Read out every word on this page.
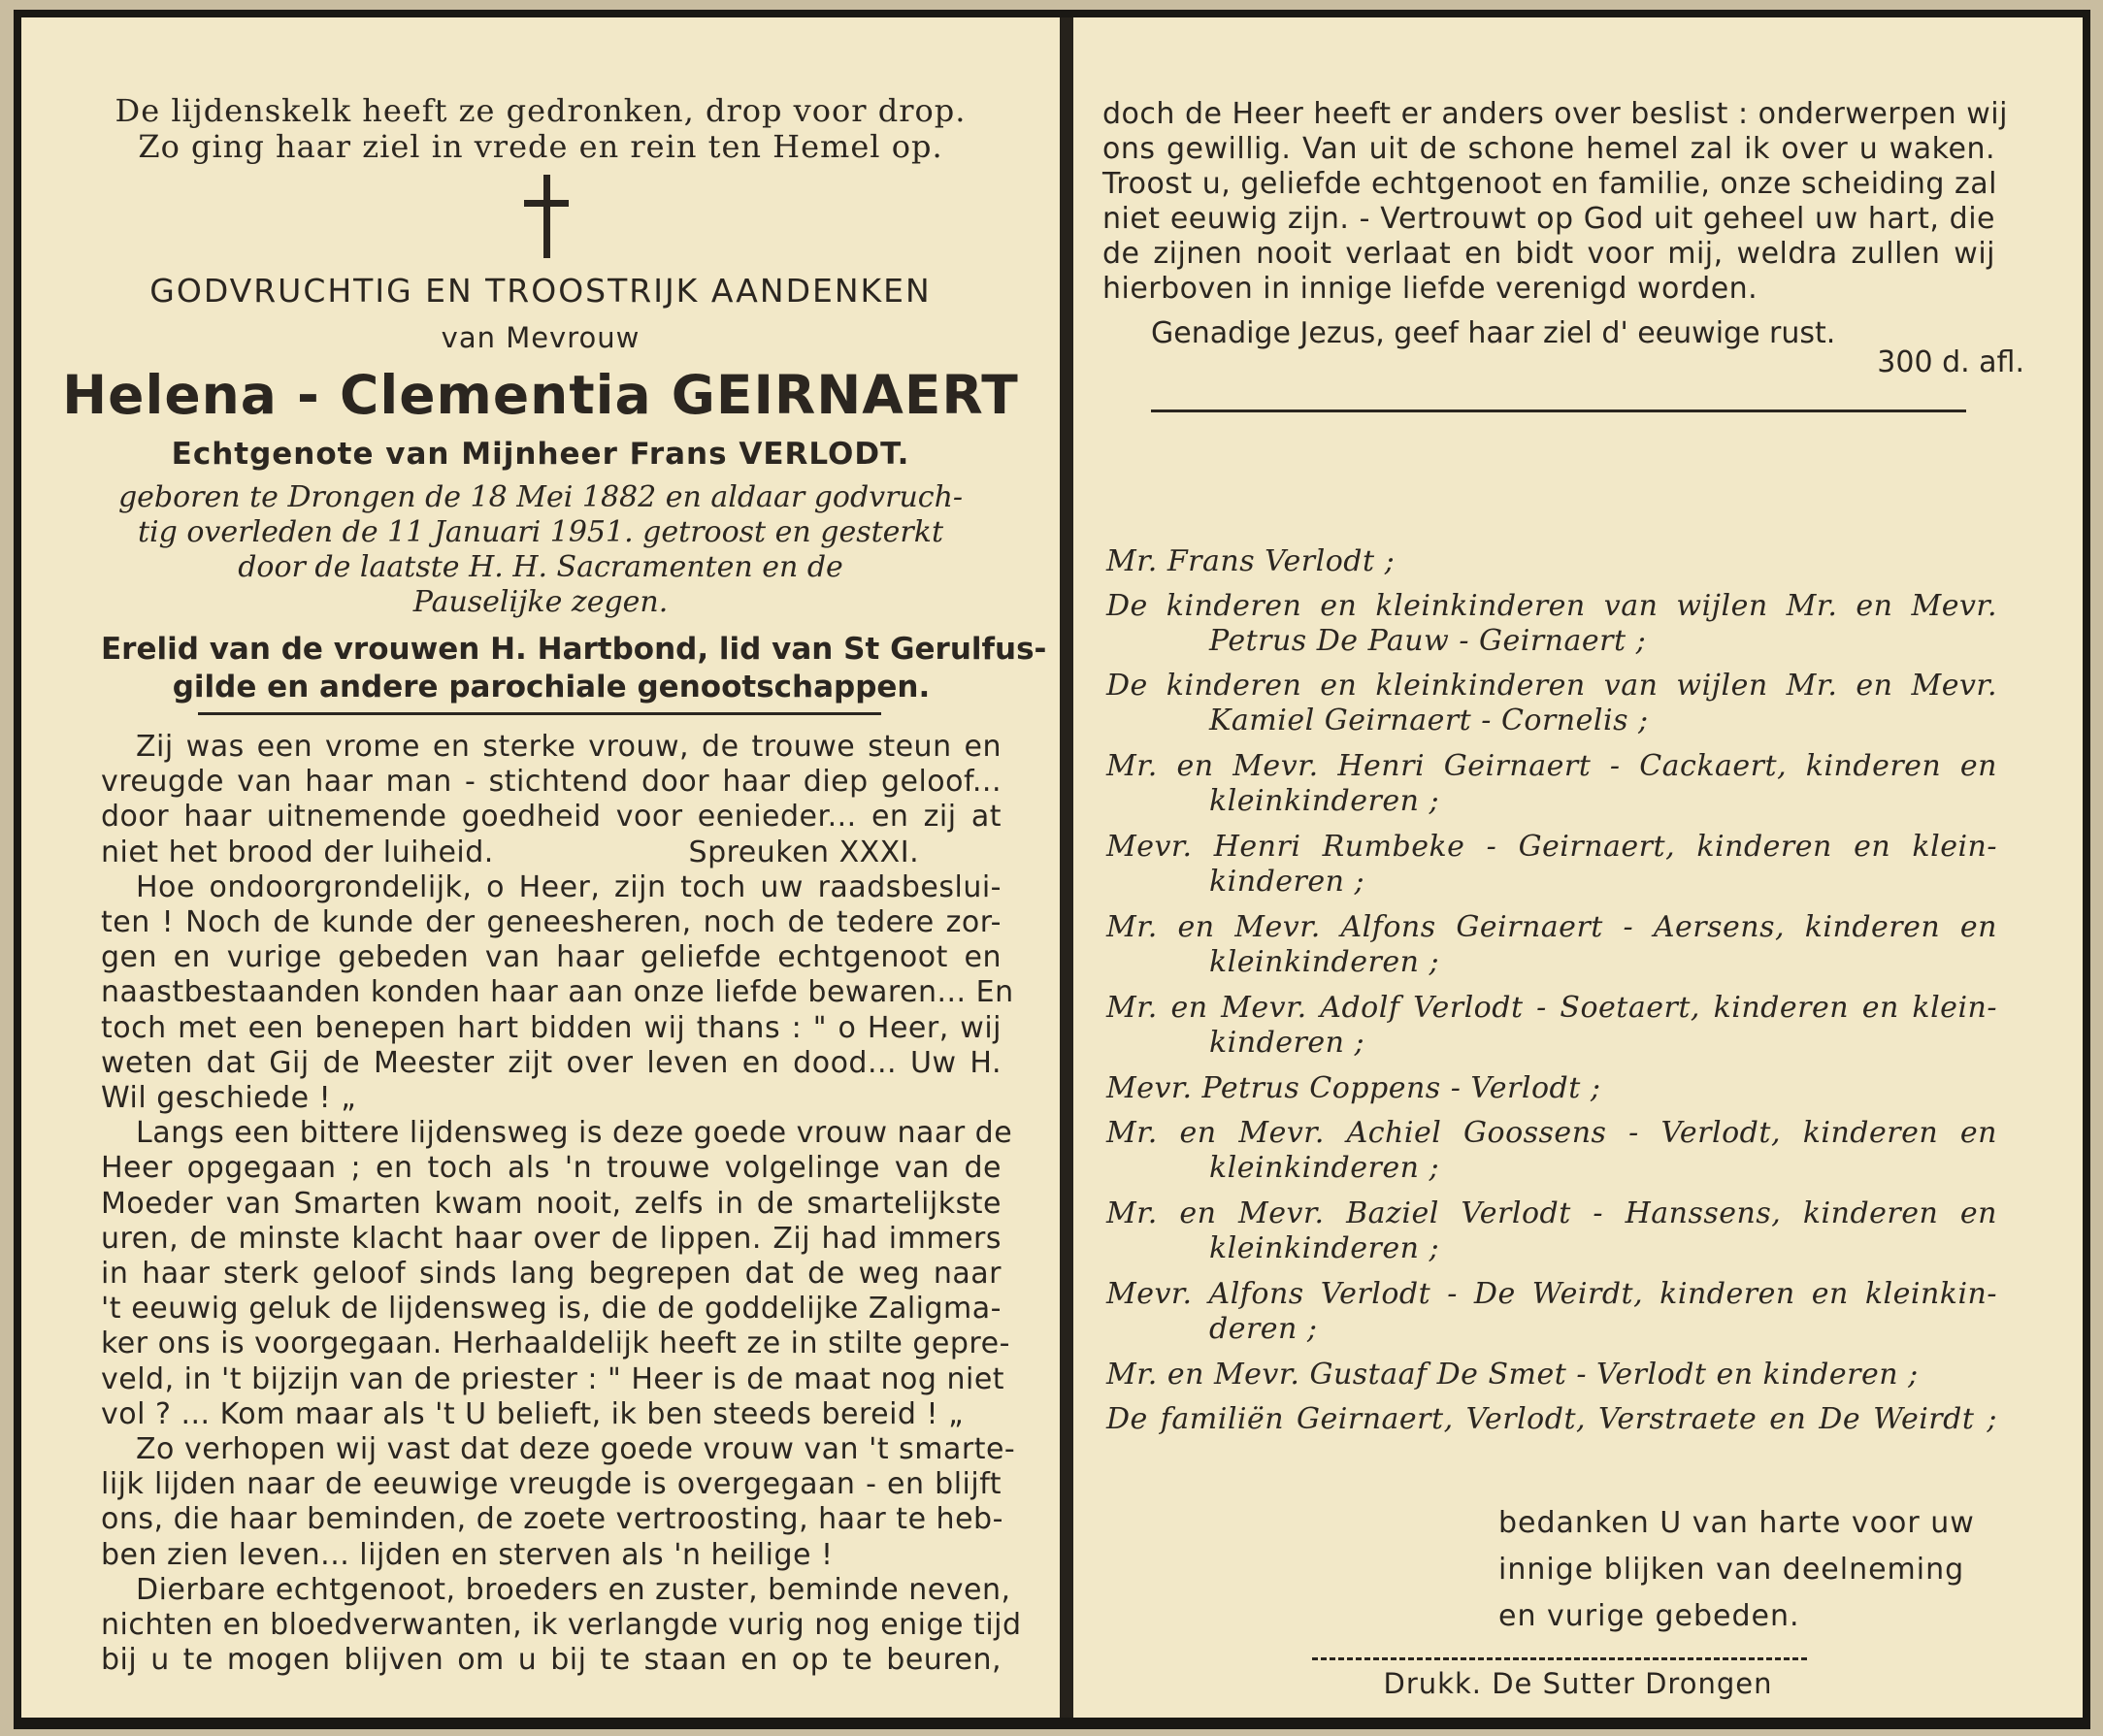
De lijdenskelk heeft ze gedronken, drop voor drop.
Zo ging haar ziel in vrede en rein ten Hemel op.
GODVRUCHTIG EN TROOSTRIJK AANDENKEN
van Mevrouw
Helena - Clementia GEIRNAERT
Echtgenote van Mijnheer Frans VERLODT.
geboren te Drongen de 18 Mei 1882 en aldaar godvruch-
tig overleden de 11 Januari 1951. getroost en gesterkt
door de laatste H. H. Sacramenten en de
Pauselijke zegen.
Erelid van de vrouwen H. Hartbond, lid van St Gerulfus-
gilde en andere parochiale genootschappen.
Zij was een vrome en sterke vrouw, de trouwe steun en
vreugde van haar man - stichtend door haar diep geloof...
door haar uitnemende goedheid voor eenieder... en zij at
niet het brood der luiheid.                    Spreuken XXXI.
Hoe ondoorgrondelijk, o Heer, zijn toch uw raadsbeslui-
ten ! Noch de kunde der geneesheren, noch de tedere zor-
gen en vurige gebeden van haar geliefde echtgenoot en
naastbestaanden konden haar aan onze liefde bewaren... En
toch met een benepen hart bidden wij thans : " o Heer, wij
weten dat Gij de Meester zijt over leven en dood... Uw H.
Wil geschiede ! „
Langs een bittere lijdensweg is deze goede vrouw naar de
Heer opgegaan ; en toch als 'n trouwe volgelinge van de
Moeder van Smarten kwam nooit, zelfs in de smartelijkste
uren, de minste klacht haar over de lippen. Zij had immers
in haar sterk geloof sinds lang begrepen dat de weg naar
't eeuwig geluk de lijdensweg is, die de goddelijke Zaligma-
ker ons is voorgegaan. Herhaaldelijk heeft ze in stilte gepre-
veld, in 't bijzijn van de priester : " Heer is de maat nog niet
vol ? ... Kom maar als 't U belieft, ik ben steeds bereid ! „
Zo verhopen wij vast dat deze goede vrouw van 't smarte-
lijk lijden naar de eeuwige vreugde is overgegaan - en blijft
ons, die haar beminden, de zoete vertroosting, haar te heb-
ben zien leven... lijden en sterven als 'n heilige !
Dierbare echtgenoot, broeders en zuster, beminde neven,
nichten en bloedverwanten, ik verlangde vurig nog enige tijd
bij u te mogen blijven om u bij te staan en op te beuren,
doch de Heer heeft er anders over beslist : onderwerpen wij
ons gewillig. Van uit de schone hemel zal ik over u waken.
Troost u, geliefde echtgenoot en familie, onze scheiding zal
niet eeuwig zijn. - Vertrouwt op God uit geheel uw hart, die
de zijnen nooit verlaat en bidt voor mij, weldra zullen wij
hierboven in innige liefde verenigd worden.
Genadige Jezus, geef haar ziel d' eeuwige rust.
300 d. afl.
Mr. Frans Verlodt ;
De kinderen en kleinkinderen van wijlen Mr. en Mevr.
Petrus De Pauw - Geirnaert ;
De kinderen en kleinkinderen van wijlen Mr. en Mevr.
Kamiel Geirnaert - Cornelis ;
Mr. en Mevr. Henri Geirnaert - Cackaert, kinderen en
kleinkinderen ;
Mevr. Henri Rumbeke - Geirnaert, kinderen en klein-
kinderen ;
Mr. en Mevr. Alfons Geirnaert - Aersens, kinderen en
kleinkinderen ;
Mr. en Mevr. Adolf Verlodt - Soetaert, kinderen en klein-
kinderen ;
Mevr. Petrus Coppens - Verlodt ;
Mr. en Mevr. Achiel Goossens - Verlodt, kinderen en
kleinkinderen ;
Mr. en Mevr. Baziel Verlodt - Hanssens, kinderen en
kleinkinderen ;
Mevr. Alfons Verlodt - De Weirdt, kinderen en kleinkin-
deren ;
Mr. en Mevr. Gustaaf De Smet - Verlodt en kinderen ;
De familiën Geirnaert, Verlodt, Verstraete en De Weirdt ;
bedanken U van harte voor uw
innige blijken van deelneming
en vurige gebeden.
Drukk. De Sutter Drongen
